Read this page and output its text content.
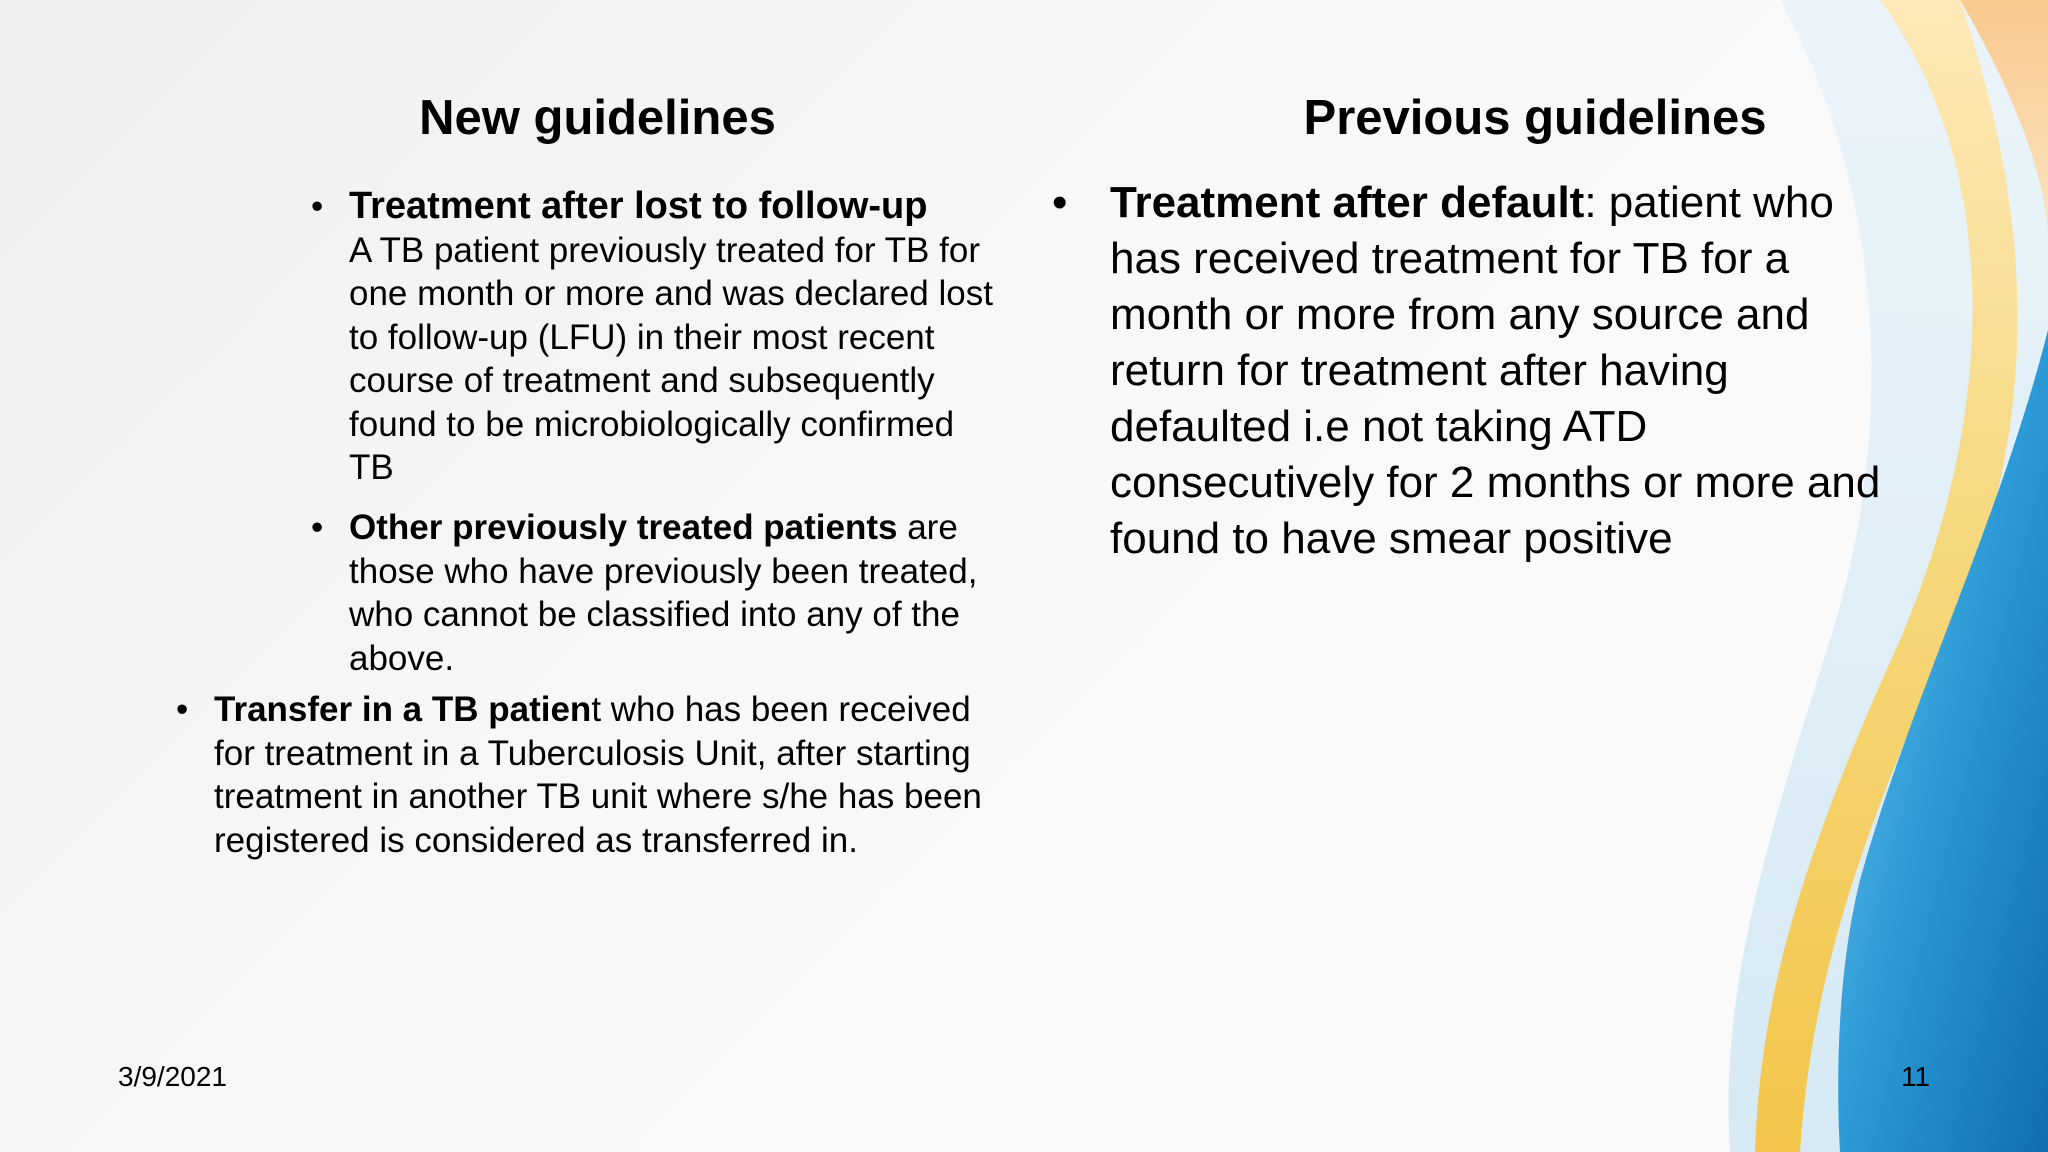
New guidelines	Previous guidelines
• Treatment after lost to follow-up
A TB patient previously treated for TB for one month or more and was declared lost to follow-up (LFU) in their most recent course of treatment and subsequently found to be microbiologically confirmed TB
• Other previously treated patients are those who have previously been treated, who cannot be classified into any of the above.
• Transfer in a TB patient who has been received for treatment in a Tuberculosis Unit, after starting treatment in another TB unit where s/he has been registered is considered as transferred in.
• Treatment after default: patient who has received treatment for TB for a month or more from any source and return for treatment after having defaulted i.e not taking ATD consecutively for 2 months or more and found to have smear positive
3/9/2021	11
